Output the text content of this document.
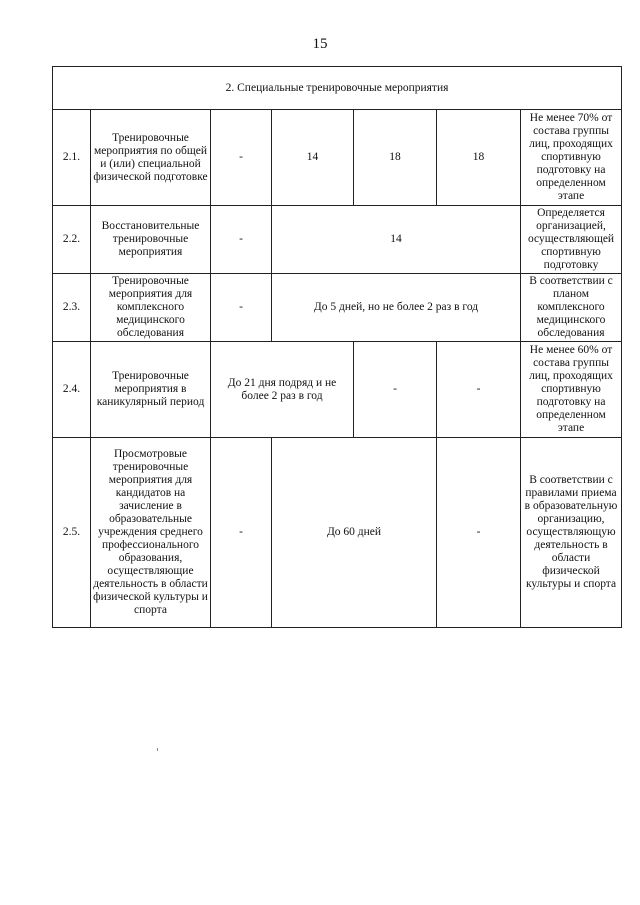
15
2. Специальные тренировочные мероприятия						
2.1.	Тренировочные мероприятия по общей и (или) специальной физической подготовке	-	14	18	18	Не менее 70% от состава группы лиц, проходящих спортивную подготовку на определенном этапе
2.2.	Восстановительные тренировочные мероприятия	-	14			Определяется организацией, осуществляющей спортивную подготовку
2.3.	Тренировочные мероприятия для комплексного медицинского обследования	-	До 5 дней, но не более 2 раз в год			В соответствии с планом комплексного медицинского обследования
2.4.	Тренировочные мероприятия в каникулярный период	До 21 дня подряд и не более 2 раз в год		-	-	Не менее 60% от состава группы лиц, проходящих спортивную подготовку на определенном этапе
2.5.	Просмотровые тренировочные мероприятия для кандидатов на зачисление в образовательные учреждения среднего профессионального образования, осуществляющие деятельность в области физической культуры и спорта	-	До 60 дней		-	В соответствии с правилами приема в образовательную организацию, осуществляющую деятельность в области физической культуры и спорта
